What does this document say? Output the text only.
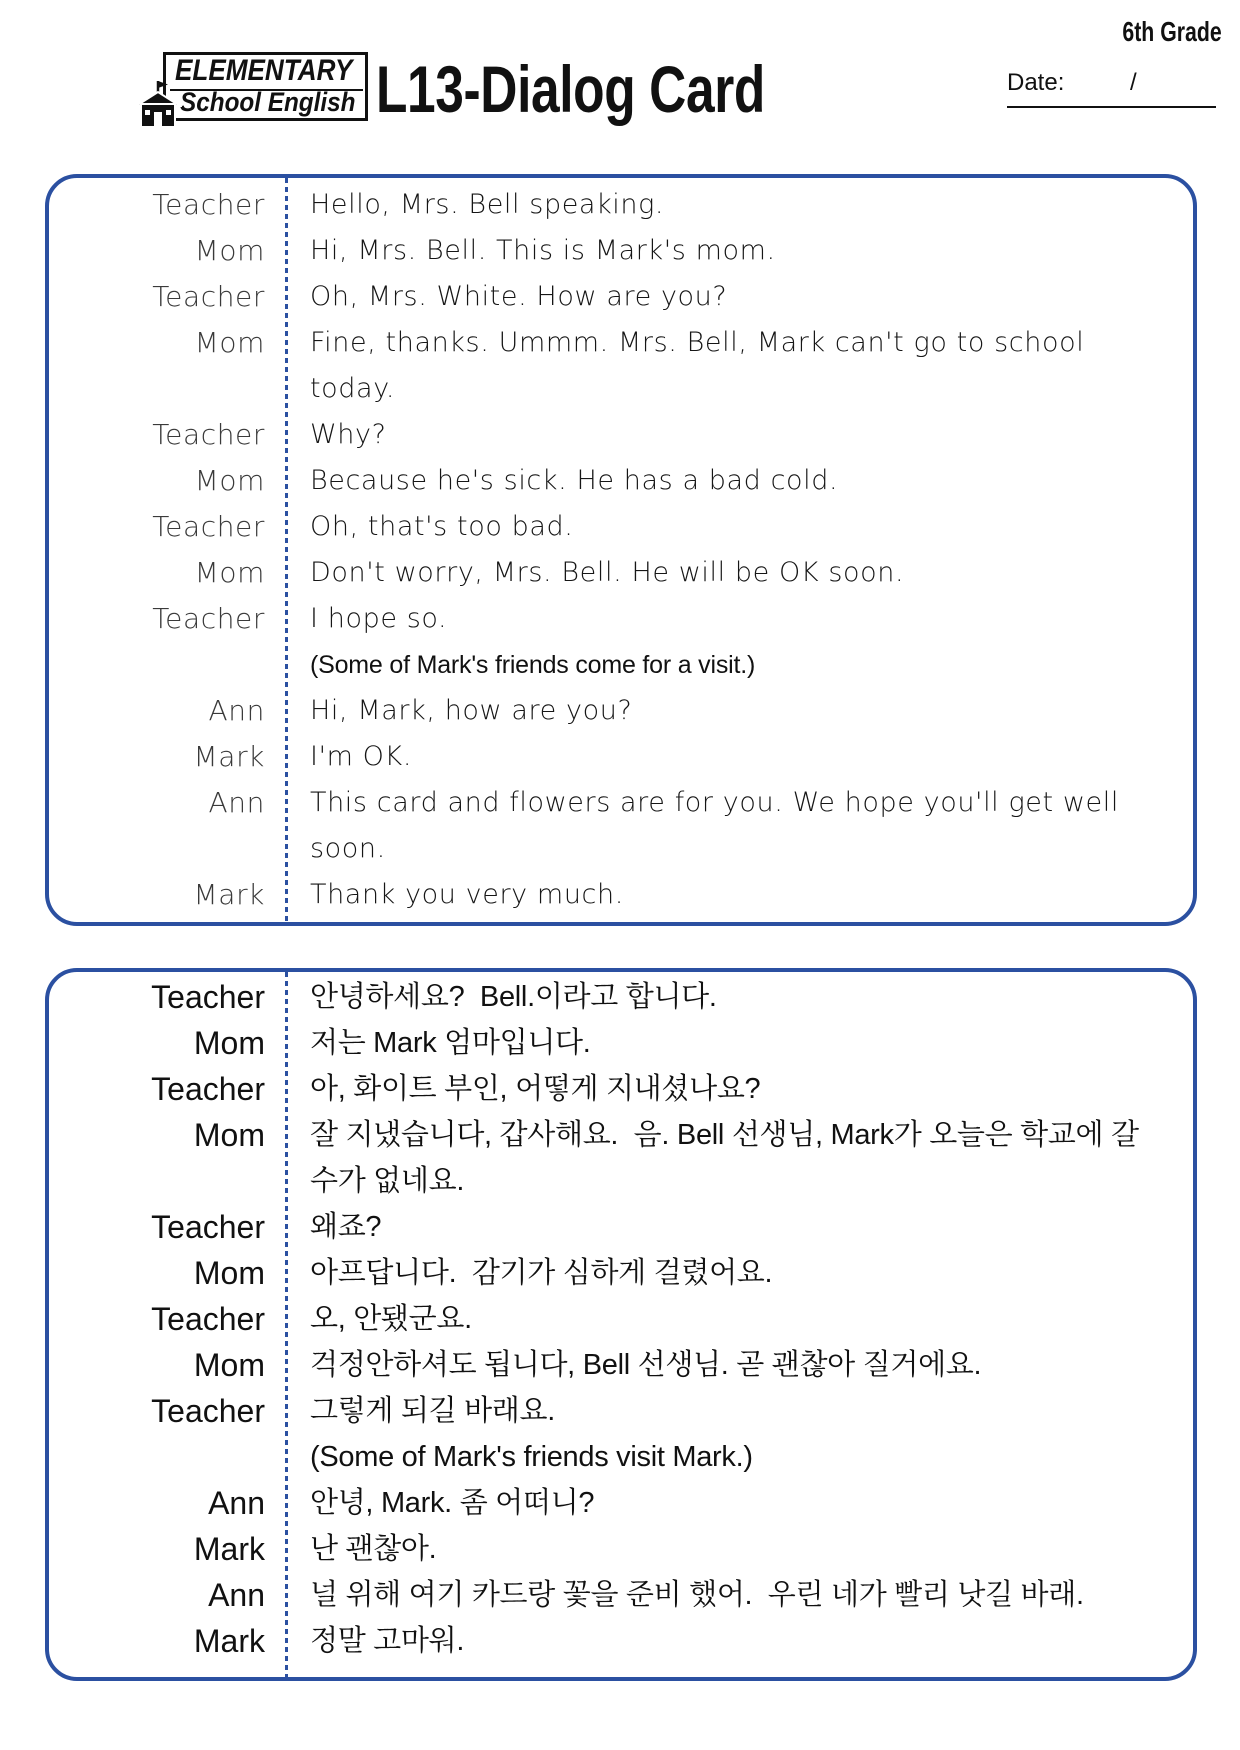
6th Grade
ELEMENTARY
School English L13-Dialog Card	Date:	/
Teacher Hello, Mrs. Bell speaking.
Mom Hi, Mrs. Bell. This is Mark's mom.
Teacher Oh, Mrs. White. How are you?
Mom Fine, thanks. Ummm. Mrs. Bell, Mark can't go to school
today.
Teacher Why?
Mom Because he's sick. He has a bad cold.
Teacher Oh, that's too bad.
Mom Don't worry, Mrs. Bell. He will be OK soon.
Teacher I hope so.
(Some of Mark's friends come for a visit.)
Ann Hi, Mark, how are you?
Mark I'm OK.
Ann This card and flowers are for you. We hope you'll get well
soon.
Mark Thank you very much.
Teacher 안녕하세요?  Bell.이라고 합니다.
Mom 저는 Mark 엄마입니다.
Teacher 아, 화이트 부인, 어떻게 지내셨나요?
Mom 잘 지냈습니다, 갑사해요.  음. Bell 선생님, Mark가 오늘은 학교에 갈
수가 없네요.
Teacher 왜죠?
Mom 아프답니다.  감기가 심하게 걸렸어요.
Teacher 오, 안됐군요.
Mom 걱정안하셔도 됩니다, Bell 선생님. 곧 괜찮아 질거에요.
Teacher 그렇게 되길 바래요.
(Some of Mark's friends visit Mark.)
Ann 안녕, Mark. 좀 어떠니?
Mark 난 괜찮아.
Ann 널 위해 여기 카드랑 꽃을 준비 했어.  우린 네가 빨리 낫길 바래.
Mark 정말 고마워.
